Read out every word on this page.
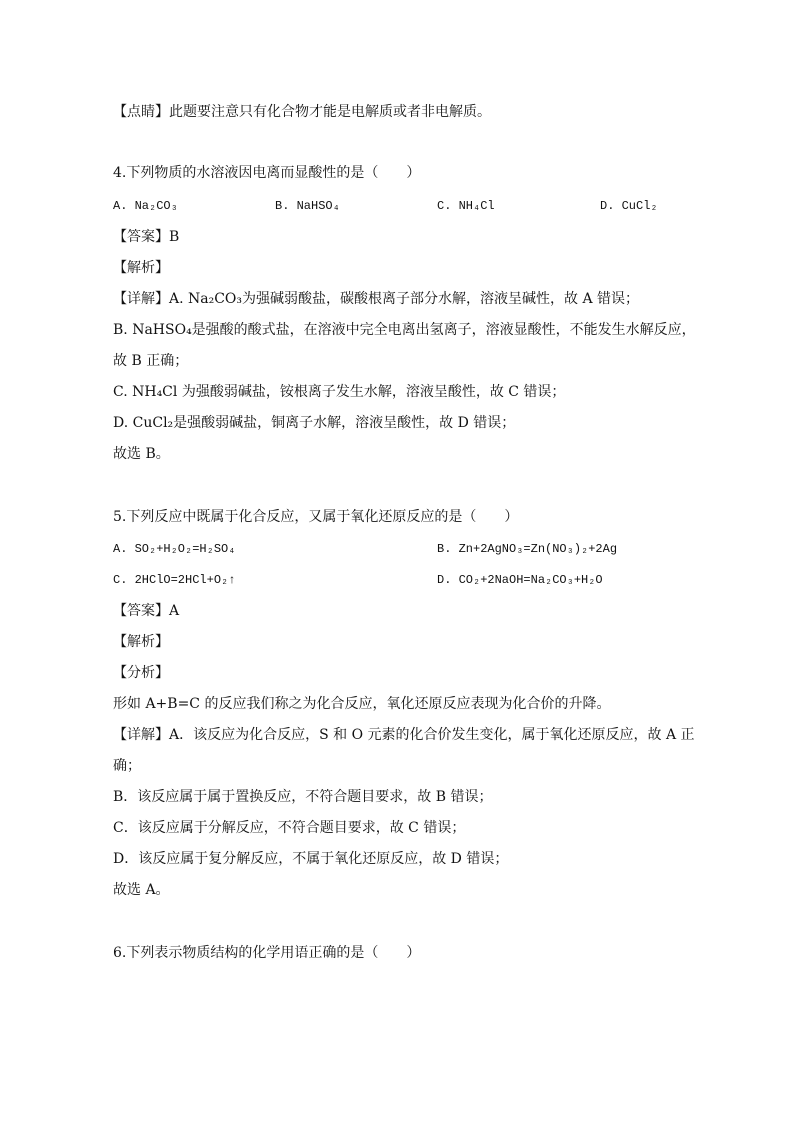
【点睛】此题要注意只有化合物才能是电解质或者非电解质。
4.下列物质的水溶液因电离而显酸性的是（　　）
A. Na₂CO₃	B. NaHSO₄	C. NH₄Cl	D. CuCl₂
【答案】B
【解析】
【详解】A. Na₂CO₃为强碱弱酸盐，碳酸根离子部分水解，溶液呈碱性，故 A 错误；
B. NaHSO₄是强酸的酸式盐，在溶液中完全电离出氢离子，溶液显酸性，不能发生水解反应，
故 B 正确；
C. NH₄Cl 为强酸弱碱盐，铵根离子发生水解，溶液呈酸性，故 C 错误；
D. CuCl₂是强酸弱碱盐，铜离子水解，溶液呈酸性，故 D 错误；
故选 B。
5.下列反应中既属于化合反应，又属于氧化还原反应的是（　　）
A. SO₂+H₂O₂=H₂SO₄	B. Zn+2AgNO₃=Zn(NO₃)₂+2Ag
C. 2HClO=2HCl+O₂↑	D. CO₂+2NaOH=Na₂CO₃+H₂O
【答案】A
【解析】
【分析】
形如 A+B=C 的反应我们称之为化合反应，氧化还原反应表现为化合价的升降。
【详解】A．该反应为化合反应，S 和 O 元素的化合价发生变化，属于氧化还原反应，故 A 正
确；
B．该反应属于属于置换反应，不符合题目要求，故 B 错误；
C．该反应属于分解反应，不符合题目要求，故 C 错误；
D．该反应属于复分解反应，不属于氧化还原反应，故 D 错误；
故选 A。
6.下列表示物质结构的化学用语正确的是（　　）
